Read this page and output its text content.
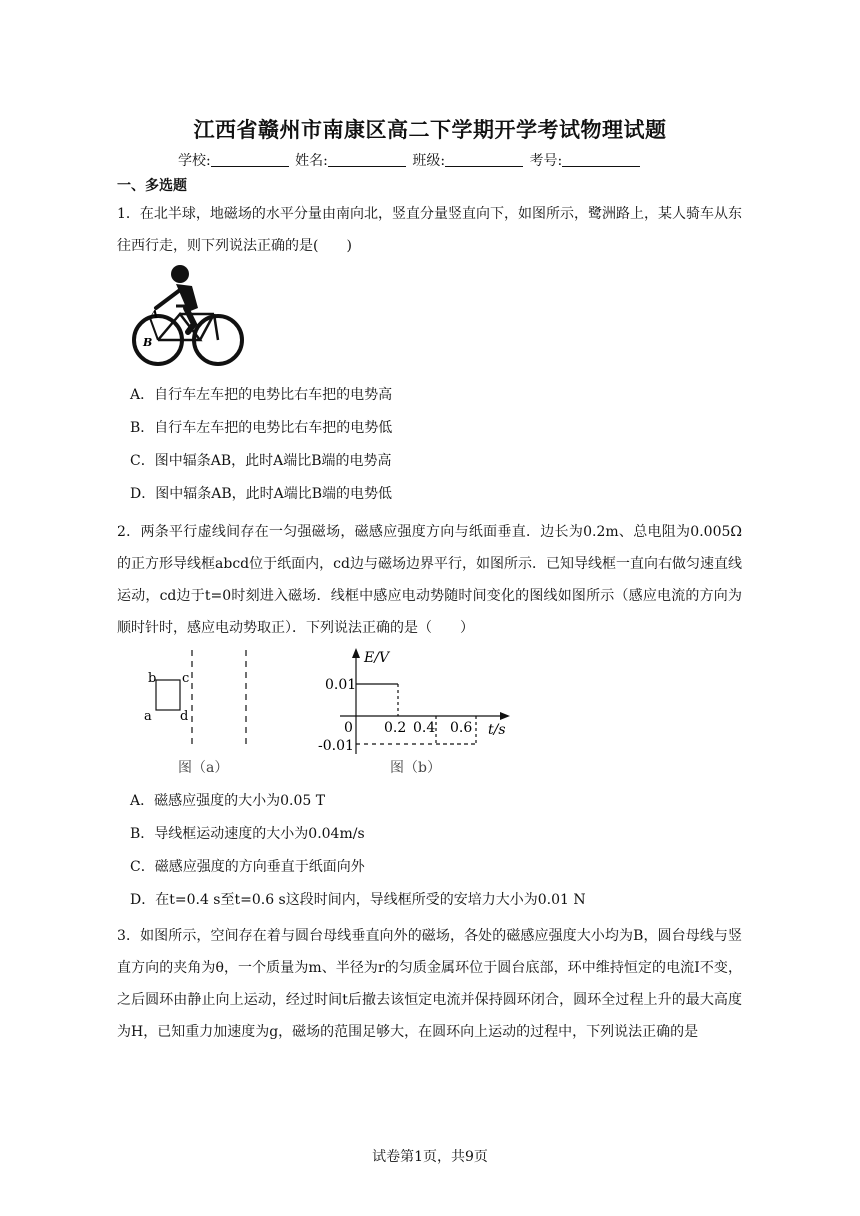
江西省赣州市南康区高二下学期开学考试物理试题
学校:	姓名:	班级:	考号:
一、多选题
1．在北半球，地磁场的水平分量由南向北，竖直分量竖直向下，如图所示，鹭洲路上，某人骑车从东往西行走，则下列说法正确的是(　　)
A
B
A．自行车左车把的电势比右车把的电势高
B．自行车左车把的电势比右车把的电势低
C．图中辐条AB，此时A端比B端的电势高
D．图中辐条AB，此时A端比B端的电势低
2．两条平行虚线间存在一匀强磁场，磁感应强度方向与纸面垂直．边长为0.2m、总电阻为0.005Ω的正方形导线框abcd位于纸面内，cd边与磁场边界平行，如图所示．已知导线框一直向右做匀速直线运动，cd边于t=0时刻进入磁场．线框中感应电动势随时间变化的图线如图所示（感应电流的方向为顺时针时，感应电动势取正）．下列说法正确的是（　　）
b c
a d
图（a）
E/V
0.01
-0.01
0 0.2 0.4 0.6 t/s
图（b）
A．磁感应强度的大小为0.05 T
B．导线框运动速度的大小为0.04m/s
C．磁感应强度的方向垂直于纸面向外
D．在t=0.4 s至t=0.6 s这段时间内，导线框所受的安培力大小为0.01 N
3．如图所示，空间存在着与圆台母线垂直向外的磁场，各处的磁感应强度大小均为B，圆台母线与竖直方向的夹角为θ，一个质量为m、半径为r的匀质金属环位于圆台底部，环中维持恒定的电流I不变，之后圆环由静止向上运动，经过时间t后撤去该恒定电流并保持圆环闭合，圆环全过程上升的最大高度为H，已知重力加速度为g，磁场的范围足够大，在圆环向上运动的过程中，下列说法正确的是
试卷第1页，共9页
